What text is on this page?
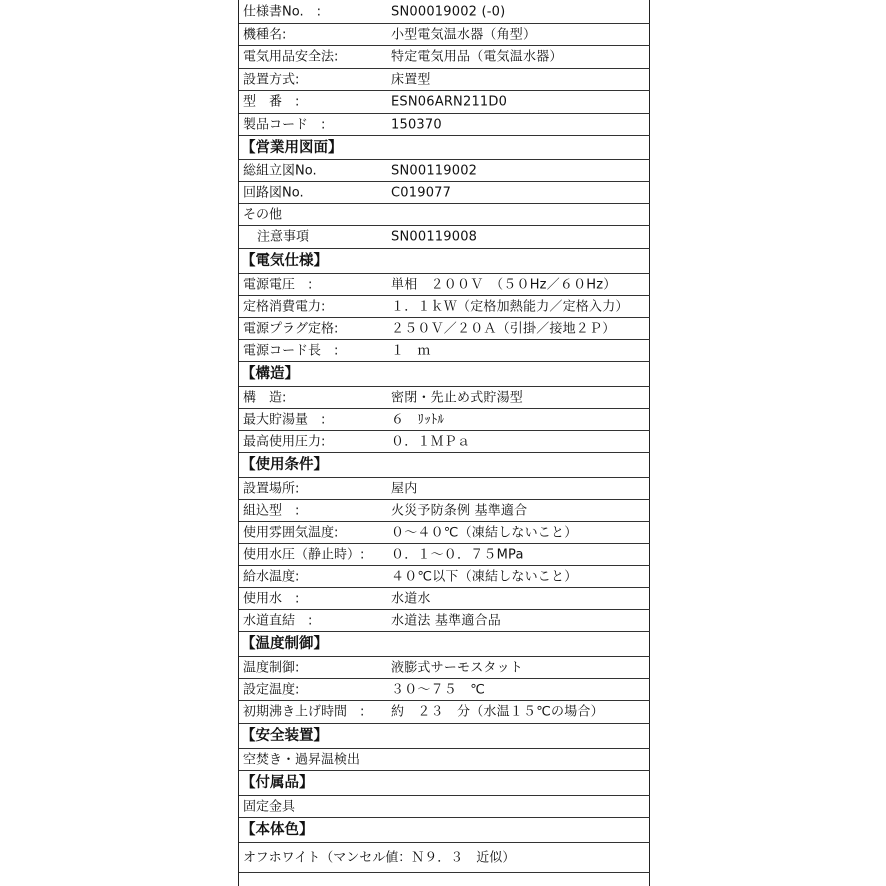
仕様書No.　:	SN00019002 (-0)
機種名:	小型電気温水器（角型）
電気用品安全法:	特定電気用品（電気温水器）
設置方式:	床置型
型　番　:	ESN06ARN211D0
製品コード　:	150370
【営業用図面】
総組立図No.	SN00119002
回路図No.	C019077
その他
注意事項	SN00119008
【電気仕様】
電源電圧　:	単相　２００Ｖ　（５０Hz／６０Hz）
定格消費電力:	１．１ｋＷ（定格加熱能力／定格入力）
電源プラグ定格:	２５０Ｖ／２０Ａ（引掛／接地２Ｐ）
電源コード長　:	１　ｍ
【構造】
構　造:	密閉・先止め式貯湯型
最大貯湯量　:	６　ﾘｯﾄﾙ
最高使用圧力:	０．１ＭＰａ
【使用条件】
設置場所:	屋内
組込型　:	火災予防条例 基準適合
使用雰囲気温度:	０～４０℃（凍結しないこと）
使用水圧（静止時）: ０．１～０．７５MPa
給水温度:	４０℃以下（凍結しないこと）
使用水　:	水道水
水道直結　:	水道法 基準適合品
【温度制御】
温度制御:	液膨式サーモスタット
設定温度:	３０～７５　℃
初期沸き上げ時間　: 約　２３　分（水温１５℃の場合）
【安全装置】
空焚き・過昇温検出
【付属品】
固定金具
【本体色】
オフホワイト（マンセル値：Ｎ９．３　近似）
